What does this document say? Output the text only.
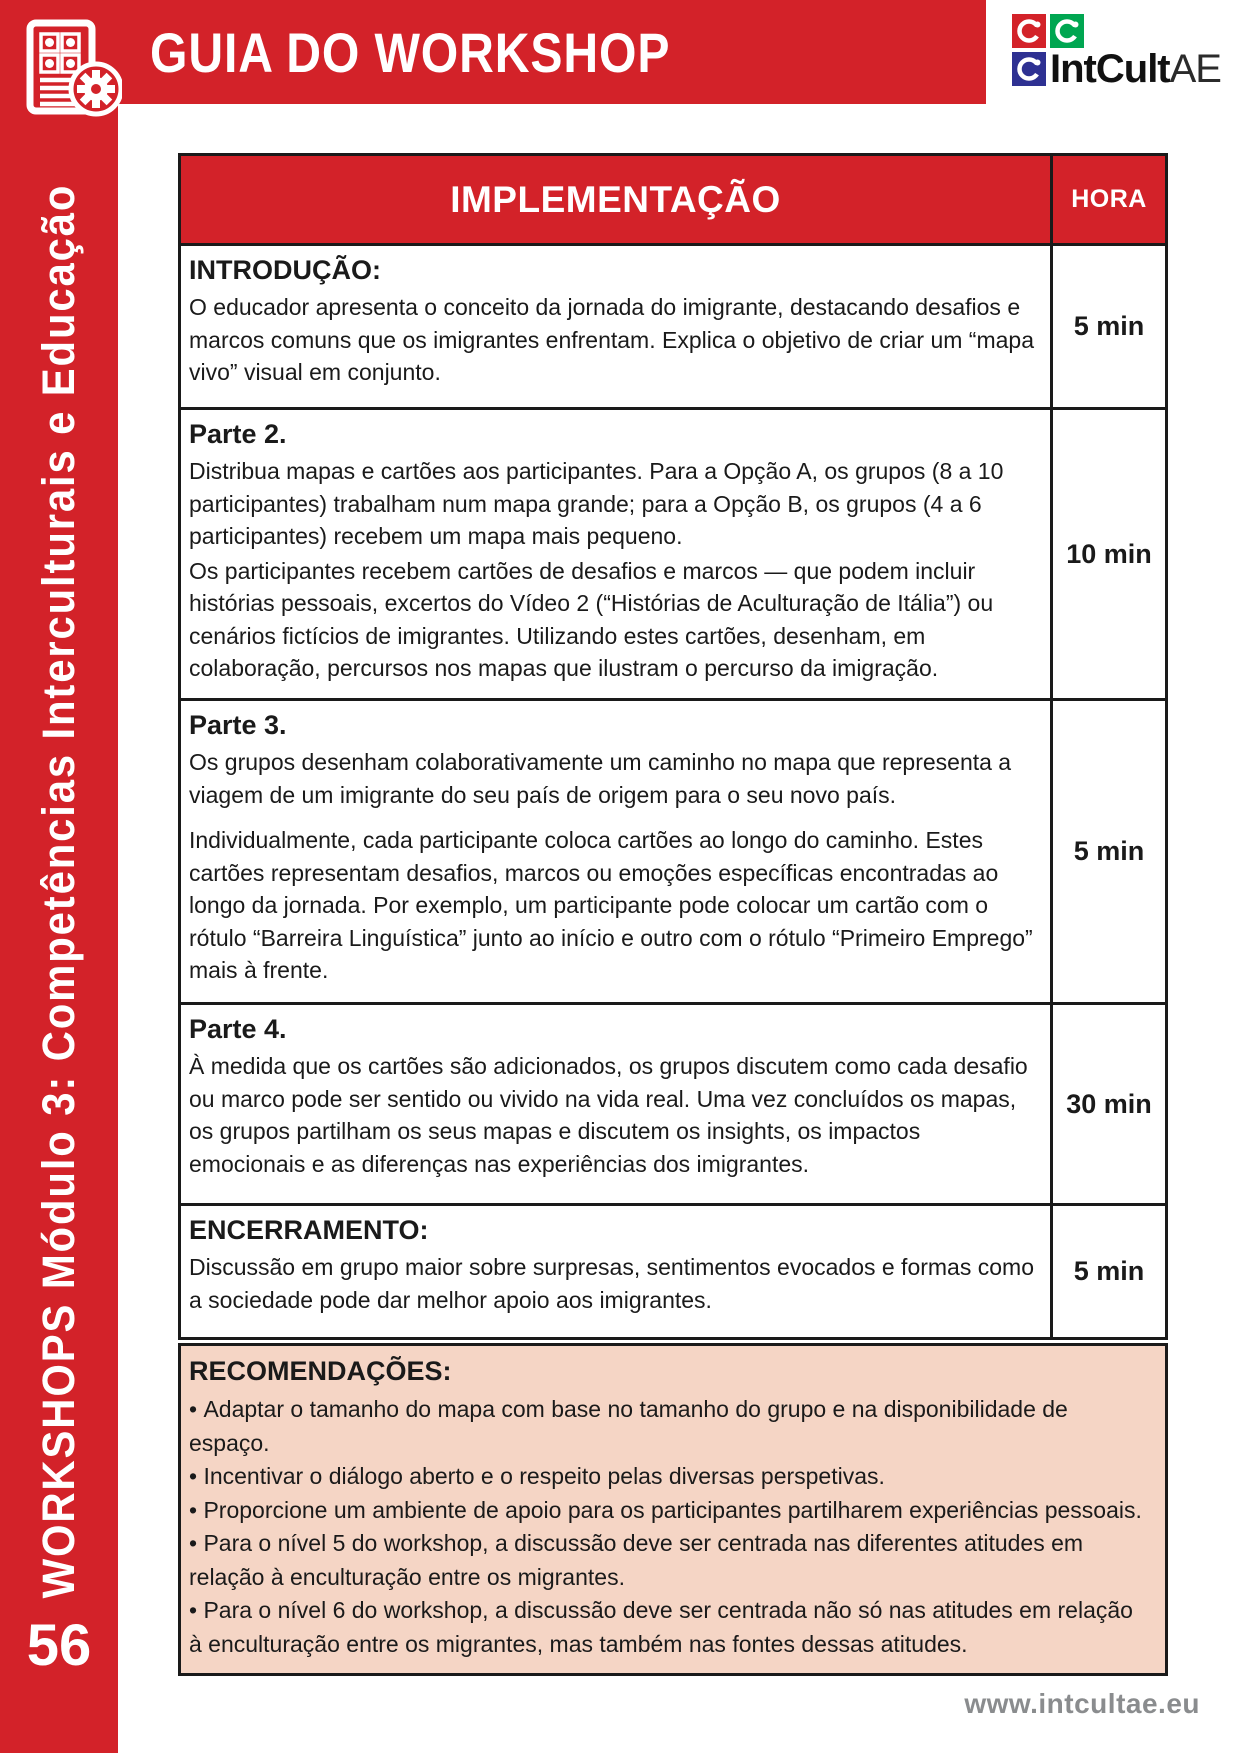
GUIA DO WORKSHOP	IntCultAE
WORKSHOPS Módulo 3: Competências Interculturais e Educação
56
IMPLEMENTAÇÃO	HORA
INTRODUÇÃO:
O educador apresenta o conceito da jornada do imigrante, destacando desafios e marcos comuns que os imigrantes enfrentam. Explica o objetivo de criar um “mapa vivo” visual em conjunto.
5 min
Parte 2.
Distribua mapas e cartões aos participantes. Para a Opção A, os grupos (8 a 10 participantes) trabalham num mapa grande; para a Opção B, os grupos (4 a 6 participantes) recebem um mapa mais pequeno.
Os participantes recebem cartões de desafios e marcos — que podem incluir histórias pessoais, excertos do Vídeo 2 (“Histórias de Aculturação de Itália”) ou cenários fictícios de imigrantes. Utilizando estes cartões, desenham, em colaboração, percursos nos mapas que ilustram o percurso da imigração.
10 min
Parte 3.
Os grupos desenham colaborativamente um caminho no mapa que representa a viagem de um imigrante do seu país de origem para o seu novo país.
Individualmente, cada participante coloca cartões ao longo do caminho. Estes cartões representam desafios, marcos ou emoções específicas encontradas ao longo da jornada. Por exemplo, um participante pode colocar um cartão com o rótulo “Barreira Linguística” junto ao início e outro com o rótulo “Primeiro Emprego” mais à frente.
5 min
Parte 4.
À medida que os cartões são adicionados, os grupos discutem como cada desafio ou marco pode ser sentido ou vivido na vida real. Uma vez concluídos os mapas, os grupos partilham os seus mapas e discutem os insights, os impactos emocionais e as diferenças nas experiências dos imigrantes.
30 min
ENCERRAMENTO:
Discussão em grupo maior sobre surpresas, sentimentos evocados e formas como a sociedade pode dar melhor apoio aos imigrantes.
5 min
RECOMENDAÇÕES:
• Adaptar o tamanho do mapa com base no tamanho do grupo e na disponibilidade de espaço.
• Incentivar o diálogo aberto e o respeito pelas diversas perspetivas.
• Proporcione um ambiente de apoio para os participantes partilharem experiências pessoais.
• Para o nível 5 do workshop, a discussão deve ser centrada nas diferentes atitudes em relação à enculturação entre os migrantes.
• Para o nível 6 do workshop, a discussão deve ser centrada não só nas atitudes em relação à enculturação entre os migrantes, mas também nas fontes dessas atitudes.
www.intcultae.eu
